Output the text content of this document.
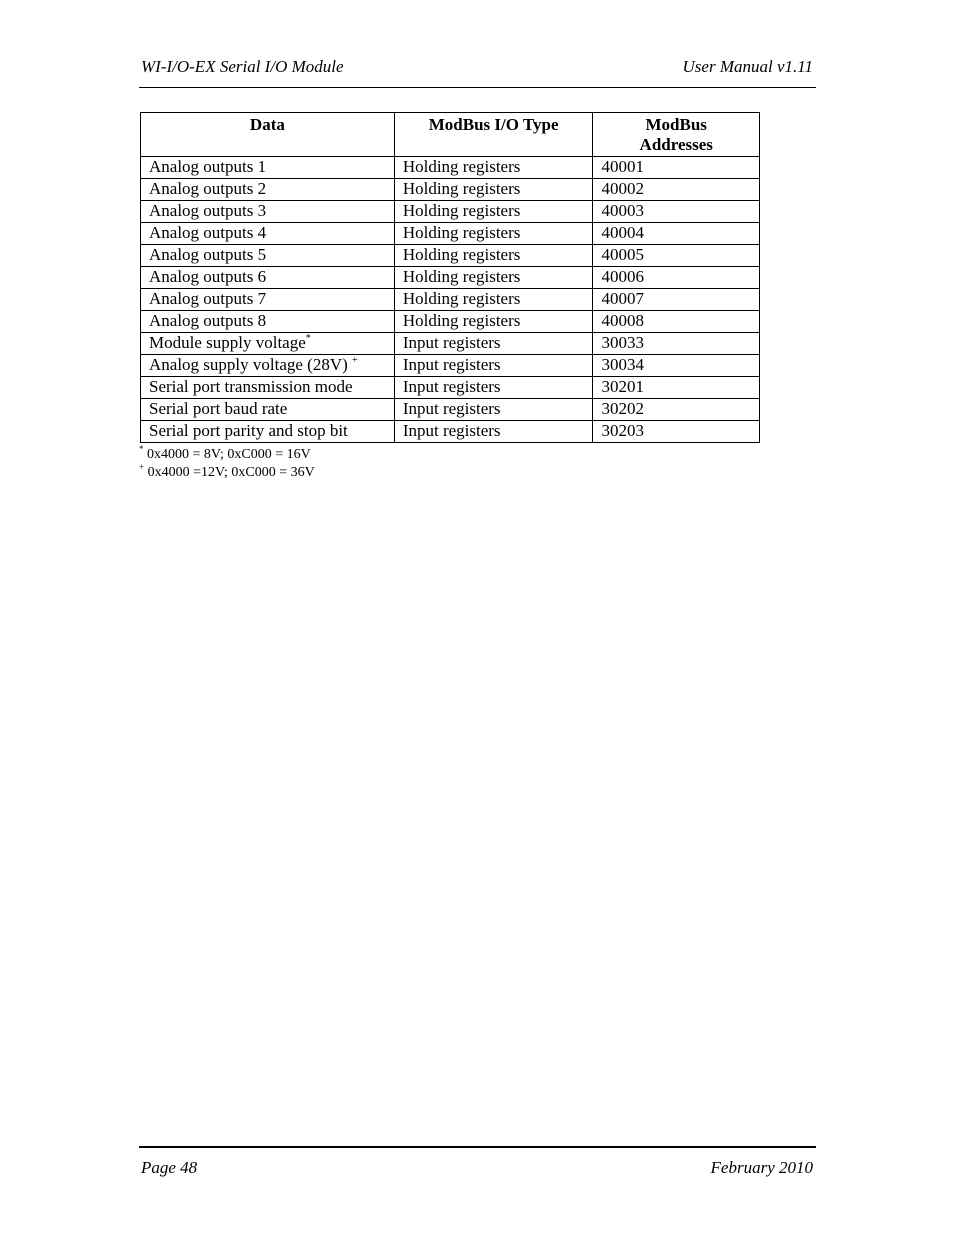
WI-I/O-EX Serial I/O Module	User Manual v1.11
Data	ModBus I/O Type	ModBus
Addresses
Analog outputs 1	Holding registers	40001
Analog outputs 2	Holding registers	40002
Analog outputs 3	Holding registers	40003
Analog outputs 4	Holding registers	40004
Analog outputs 5	Holding registers	40005
Analog outputs 6	Holding registers	40006
Analog outputs 7	Holding registers	40007
Analog outputs 8	Holding registers	40008
Module supply voltage*	Input registers	30033
Analog supply voltage (28V) +	Input registers	30034
Serial port transmission mode	Input registers	30201
Serial port baud rate	Input registers	30202
Serial port parity and stop bit	Input registers	30203
* 0x4000 = 8V; 0xC000 = 16V
+ 0x4000 =12V; 0xC000 = 36V
Page 48	February 2010
